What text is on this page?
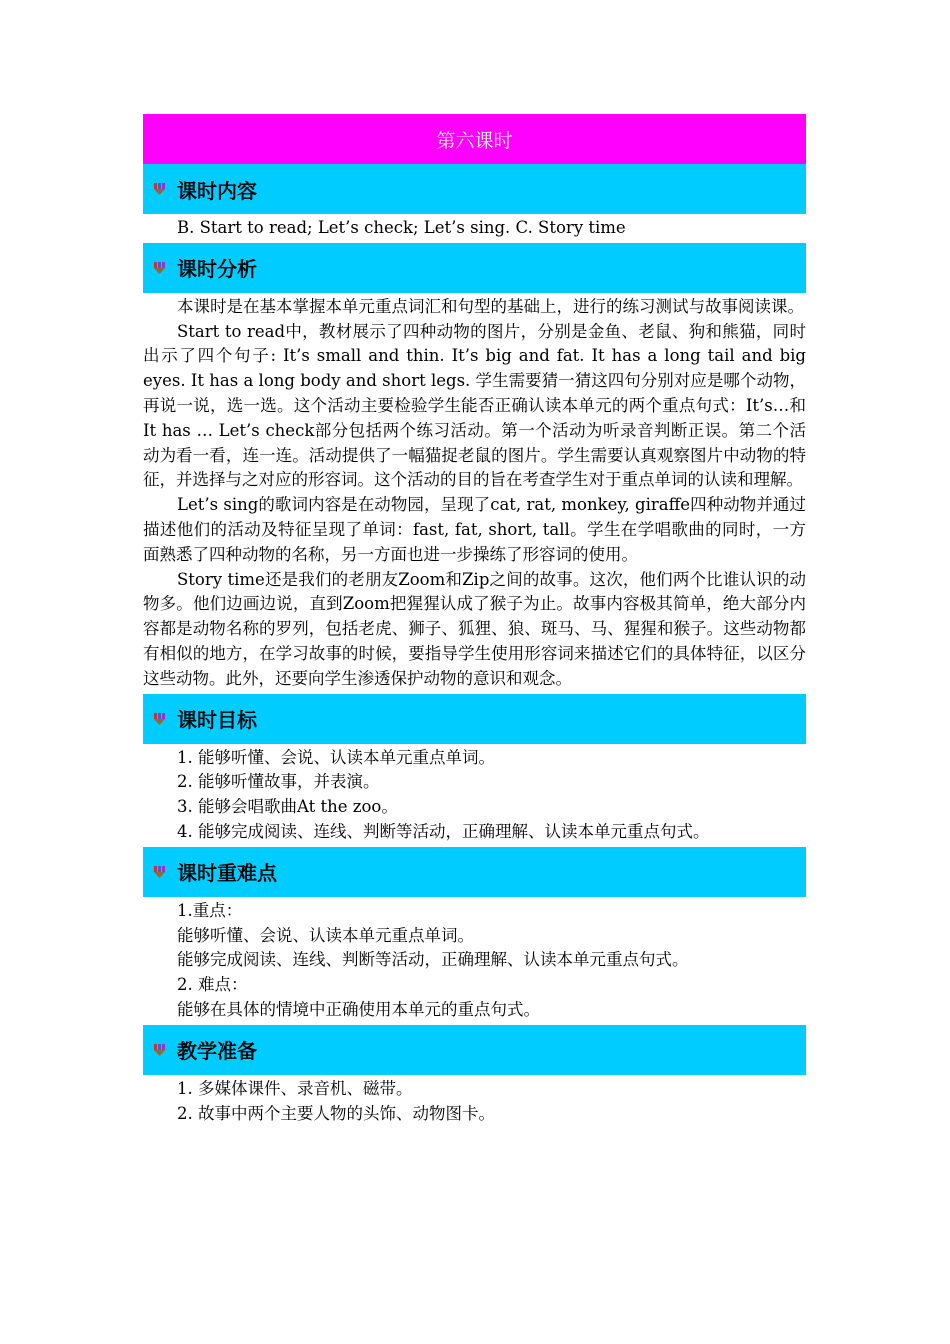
第六课时
课时内容
B. Start to read; Let’s check; Let’s sing. C. Story time
课时分析

本课时是在基本掌握本单元重点词汇和句型的基础上，进行的练习测试与故事阅读课。

Start to read中，教材展示了四种动物的图片，分别是金鱼、老鼠、狗和熊猫，同时出示了四个句子: It’s small and thin. It’s big and fat. It has a long tail and big eyes. It has a long body and short legs. 学生需要猜一猜这四句分别对应是哪个动物，再说一说，选一选。这个活动主要检验学生能否正确认读本单元的两个重点句式：It’s…和It has … Let’s check部分包括两个练习活动。第一个活动为听录音判断正误。第二个活动为看一看，连一连。活动提供了一幅猫捉老鼠的图片。学生需要认真观察图片中动物的特征，并选择与之对应的形容词。这个活动的目的旨在考查学生对于重点单词的认读和理解。

Let’s sing的歌词内容是在动物园，呈现了cat, rat, monkey, giraffe四种动物并通过描述他们的活动及特征呈现了单词：fast, fat, short, tall。学生在学唱歌曲的同时，一方面熟悉了四种动物的名称，另一方面也进一步操练了形容词的使用。

Story time还是我们的老朋友Zoom和Zip之间的故事。这次，他们两个比谁认识的动物多。他们边画边说，直到Zoom把猩猩认成了猴子为止。故事内容极其简单，绝大部分内容都是动物名称的罗列，包括老虎、狮子、狐狸、狼、斑马、马、猩猩和猴子。这些动物都有相似的地方，在学习故事的时候，要指导学生使用形容词来描述它们的具体特征，以区分这些动物。此外，还要向学生渗透保护动物的意识和观念。

课时目标
1. 能够听懂、会说、认读本单元重点单词。
2. 能够听懂故事，并表演。
3. 能够会唱歌曲At the zoo。
4. 能够完成阅读、连线、判断等活动，正确理解、认读本单元重点句式。
课时重难点
1.重点：
能够听懂、会说、认读本单元重点单词。
能够完成阅读、连线、判断等活动，正确理解、认读本单元重点句式。
2. 难点：
能够在具体的情境中正确使用本单元的重点句式。
教学准备
1. 多媒体课件、录音机、磁带。
2. 故事中两个主要人物的头饰、动物图卡。
